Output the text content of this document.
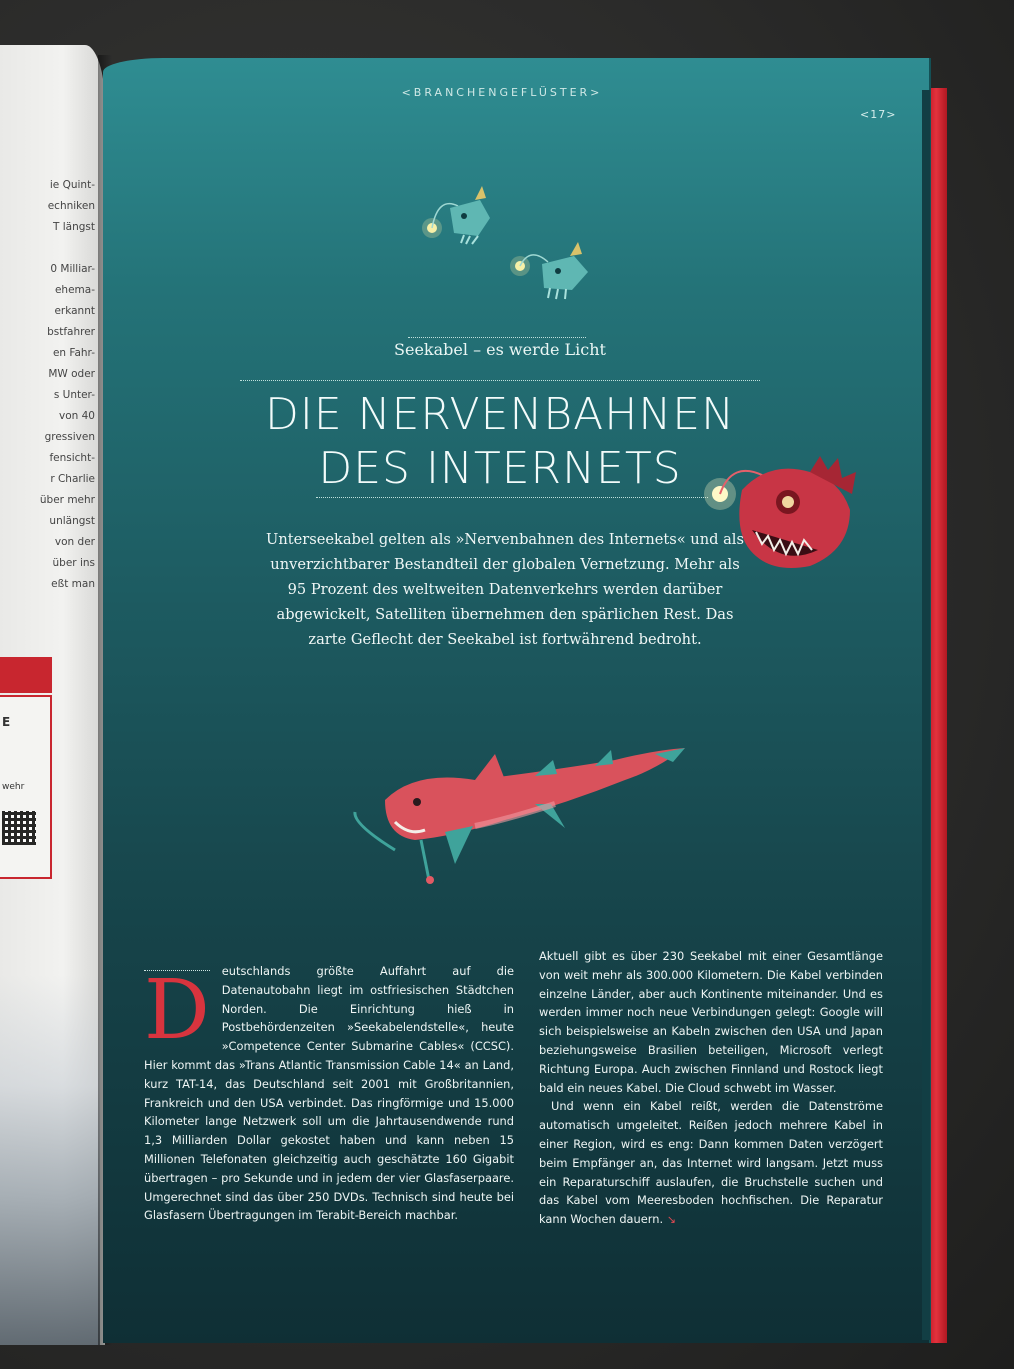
ie Quint-
echniken
T längst

0 Milliar-
ehema-
erkannt
bstfahrer
en Fahr-
MW oder
s Unter-
von 40
gressiven
fensicht-
r Charlie
über mehr
unlängst
von der
über ins
eßt man
E
wehr
<BRANCHENGEFLÜSTER>
<17>
Seekabel – es werde Licht
DIE NERVENBAHNEN
DES INTERNETS
Unterseekabel gelten als »Nervenbahnen des Internets« und als unverzichtbarer Bestandteil der globalen Vernetzung. Mehr als 95 Prozent des weltweiten Datenverkehrs werden darüber abgewickelt, Satelliten übernehmen den spärlichen Rest. Das zarte Geflecht der Seekabel ist fortwährend bedroht.
D eutschlands größte Auffahrt auf die Datenautobahn liegt im ostfriesischen Städtchen Norden. Die Einrichtung hieß in Postbehördenzeiten »Seekabelendstelle«, heute »Competence Center Submarine Cables« (CCSC). Hier kommt das »Trans Atlantic Transmission Cable 14« an Land, kurz TAT-14, das Deutschland seit 2001 mit Großbritannien, Frankreich und den USA verbindet. Das ringförmige und 15.000 Kilometer lange Netzwerk soll um die Jahrtausendwende rund 1,3 Milliarden Dollar gekostet haben und kann neben 15 Millionen Telefonaten gleichzeitig auch geschätzte 160 Gigabit übertragen – pro Sekunde und in jedem der vier Glasfaserpaare. Umgerechnet sind das über 250 DVDs. Technisch sind heute bei Glasfasern Übertragungen im Terabit-Bereich machbar.

Aktuell gibt es über 230 Seekabel mit einer Gesamtlänge von weit mehr als 300.000 Kilometern. Die Kabel verbinden einzelne Länder, aber auch Kontinente miteinander. Und es werden immer noch neue Verbindungen gelegt: Google will sich beispielsweise an Kabeln zwischen den USA und Japan beziehungsweise Brasilien beteiligen, Microsoft verlegt Richtung Europa. Auch zwischen Finnland und Rostock liegt bald ein neues Kabel. Die Cloud schwebt im Wasser.

Und wenn ein Kabel reißt, werden die Datenströme automatisch umgeleitet. Reißen jedoch mehrere Kabel in einer Region, wird es eng: Dann kommen Daten verzögert beim Empfänger an, das Internet wird langsam. Jetzt muss ein Reparaturschiff auslaufen, die Bruchstelle suchen und das Kabel vom Meeresboden hochfischen. Die Reparatur kann Wochen dauern. ↘
